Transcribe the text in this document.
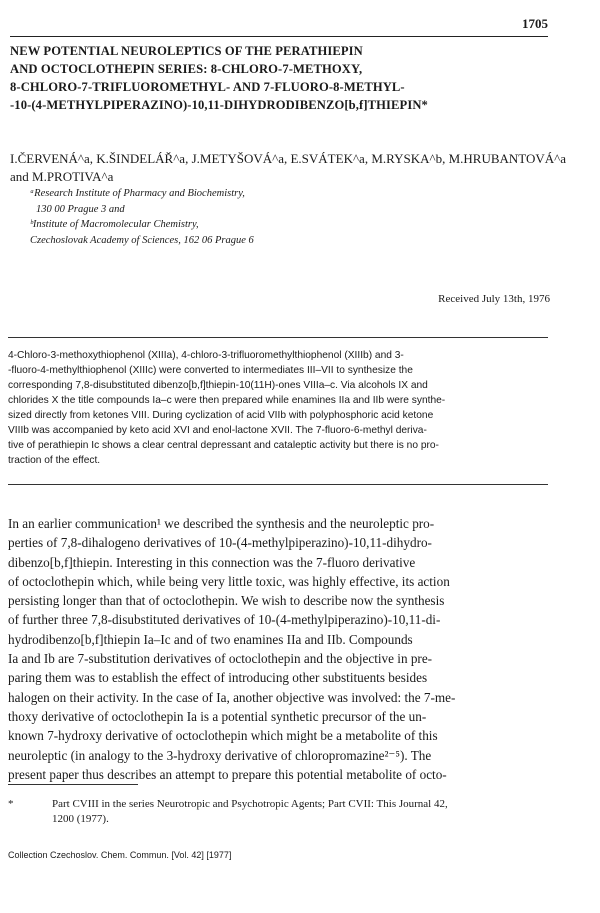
1705
NEW POTENTIAL NEUROLEPTICS OF THE PERATHIEPIN
AND OCTOCLOTHEPIN SERIES: 8-CHLORO-7-METHOXY,
8-CHLORO-7-TRIFLUOROMETHYL- AND 7-FLUORO-8-METHYL-
-10-(4-METHYLPIPERAZINO)-10,11-DIHYDRODIBENZO[b,f]THIEPIN*
I.ČERVENÁ^a, K.ŠINDELÁŘ^a, J.METYŠOVÁ^a, E.SVÁTEK^a, M.RYSKA^b, M.HRUBANTOVÁ^a
and M.PROTIVA^a
ᵃResearch Institute of Pharmacy and Biochemistry,
130 00 Prague 3 and
ᵇInstitute of Macromolecular Chemistry,
Czechoslovak Academy of Sciences, 162 06 Prague 6
Received July 13th, 1976
4-Chloro-3-methoxythiophenol (XIIIa), 4-chloro-3-trifluoromethylthiophenol (XIIIb) and 3-
-fluoro-4-methylthiophenol (XIIIc) were converted to intermediates III–VII to synthesize the
corresponding 7,8-disubstituted dibenzo[b,f]thiepin-10(11H)-ones VIIIa–c. Via alcohols IX and
chlorides X the title compounds Ia–c were then prepared while enamines IIa and IIb were synthe-
sized directly from ketones VIII. During cyclization of acid VIIb with polyphosphoric acid ketone
VIIIb was accompanied by keto acid XVI and enol-lactone XVII. The 7-fluoro-6-methyl deriva-
tive of perathiepin Ic shows a clear central depressant and cataleptic activity but there is no pro-
traction of the effect.
In an earlier communication¹ we described the synthesis and the neuroleptic pro-
perties of 7,8-dihalogeno derivatives of 10-(4-methylpiperazino)-10,11-dihydro-
dibenzo[b,f]thiepin. Interesting in this connection was the 7-fluoro derivative
of octoclothepin which, while being very little toxic, was highly effective, its action
persisting longer than that of octoclothepin. We wish to describe now the synthesis
of further three 7,8-disubstituted derivatives of 10-(4-methylpiperazino)-10,11-di-
hydrodibenzo[b,f]thiepin Ia–Ic and of two enamines IIa and IIb. Compounds
Ia and Ib are 7-substitution derivatives of octoclothepin and the objective in pre-
paring them was to establish the effect of introducing other substituents besides
halogen on their activity. In the case of Ia, another objective was involved: the 7-me-
thoxy derivative of octoclothepin Ia is a potential synthetic precursor of the un-
known 7-hydroxy derivative of octoclothepin which might be a metabolite of this
neuroleptic (in analogy to the 3-hydroxy derivative of chloropromazine²⁻⁵). The
present paper thus describes an attempt to prepare this potential metabolite of octo-
*	Part CVIII in the series Neurotropic and Psychotropic Agents; Part CVII: This Journal 42,
1200 (1977).
Collection Czechoslov. Chem. Commun. [Vol. 42] [1977]
